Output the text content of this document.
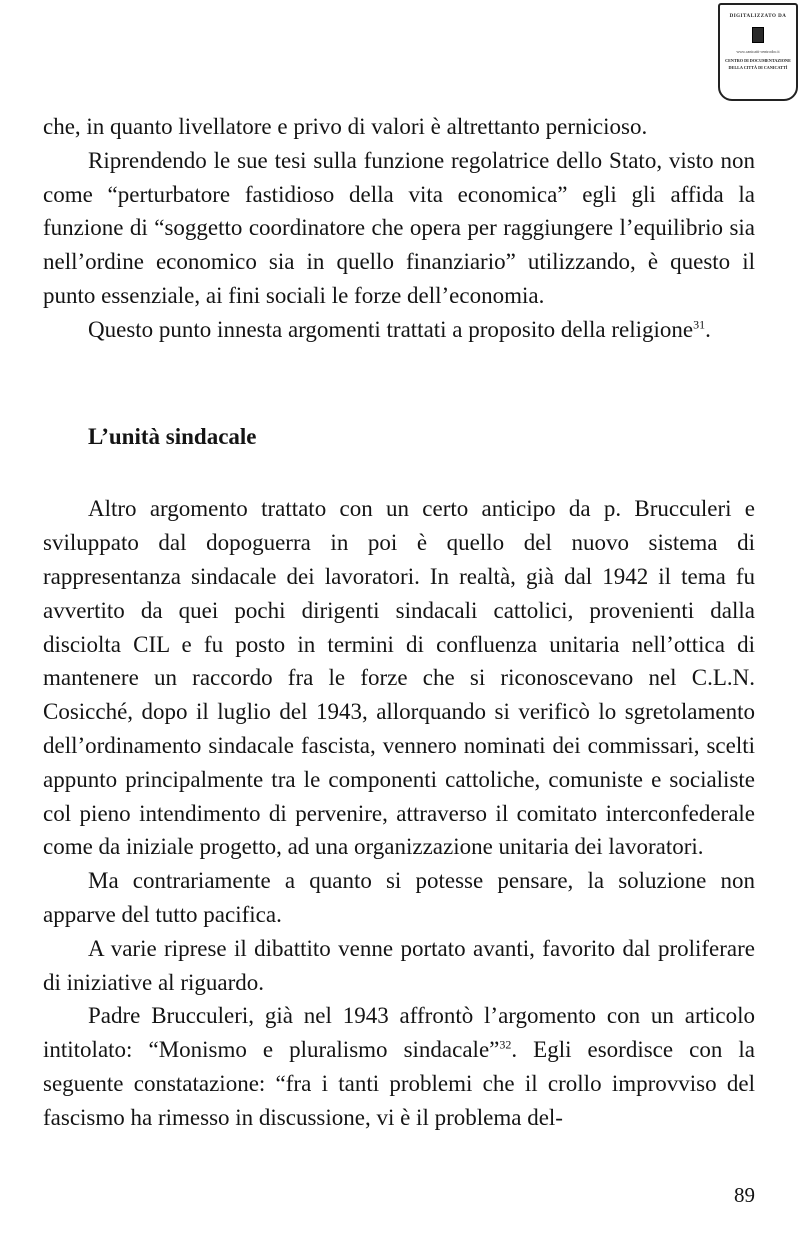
DIGITALIZZATO DA
www.canicatti-centrodoc.it
CENTRO DI DOCUMENTAZIONE
DELLA CITTÀ DI CANICATTÌ

che, in quanto livellatore e privo di valori è altrettanto pernicioso.

Riprendendo le sue tesi sulla funzione regolatrice dello Stato, visto non come “perturbatore fastidioso della vita economica” egli gli affida la funzione di “soggetto coordinatore che opera per raggiungere l’equilibrio sia nell’ordine economico sia in quello finanziario” utilizzando, è questo il punto essenziale, ai fini sociali le forze dell’economia.

Questo punto innesta argomenti trattati a proposito della religione$^{31}$.

L’unità sindacale

Altro argomento trattato con un certo anticipo da p. Brucculeri e sviluppato dal dopoguerra in poi è quello del nuovo sistema di rappresentanza sindacale dei lavoratori. In realtà, già dal 1942 il tema fu avvertito da quei pochi dirigenti sindacali cattolici, provenienti dalla disciolta CIL e fu posto in termini di confluenza unitaria nell’ottica di mantenere un raccordo fra le forze che si riconoscevano nel C.L.N. Cosicché, dopo il luglio del 1943, allorquando si verificò lo sgretolamento dell’ordinamento sindacale fascista, vennero nominati dei commissari, scelti appunto principalmente tra le componenti cattoliche, comuniste e socialiste col pieno intendimento di pervenire, attraverso il comitato interconfederale come da iniziale progetto, ad una organizzazione unitaria dei lavoratori.

Ma contrariamente a quanto si potesse pensare, la soluzione non apparve del tutto pacifica.

A varie riprese il dibattito venne portato avanti, favorito dal proliferare di iniziative al riguardo.

Padre Brucculeri, già nel 1943 affrontò l’argomento con un articolo intitolato: “Monismo e pluralismo sindacale”$^{32}$. Egli esordisce con la seguente constatazione: “fra i tanti problemi che il crollo improvviso del fascismo ha rimesso in discussione, vi è il problema del-

89
